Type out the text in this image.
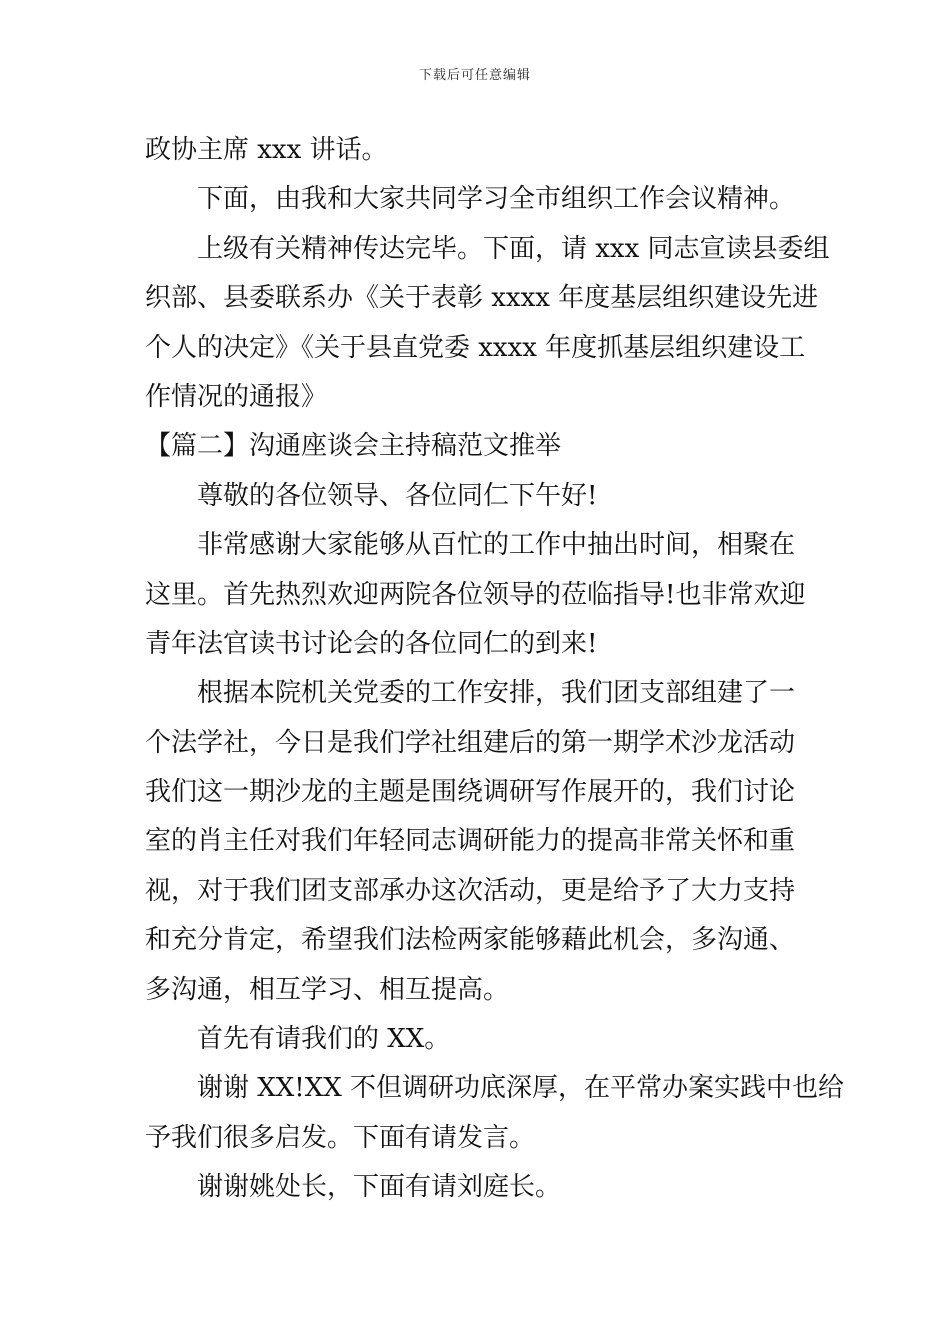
下载后可任意编辑
政协主席 xxx 讲话。
下面，由我和大家共同学习全市组织工作会议精神。
上级有关精神传达完毕。下面，请 xxx 同志宣读县委组
织部、县委联系办《关于表彰 xxxx 年度基层组织建设先进
个人的决定》《关于县直党委 xxxx 年度抓基层组织建设工
作情况的通报》
【篇二】沟通座谈会主持稿范文推举
尊敬的各位领导、各位同仁下午好!
非常感谢大家能够从百忙的工作中抽出时间，相聚在
这里。首先热烈欢迎两院各位领导的莅临指导!也非常欢迎
青年法官读书讨论会的各位同仁的到来!
根据本院机关党委的工作安排，我们团支部组建了一
个法学社，今日是我们学社组建后的第一期学术沙龙活动
我们这一期沙龙的主题是围绕调研写作展开的，我们讨论
室的肖主任对我们年轻同志调研能力的提高非常关怀和重
视，对于我们团支部承办这次活动，更是给予了大力支持
和充分肯定，希望我们法检两家能够藉此机会，多沟通、
多沟通，相互学习、相互提高。
首先有请我们的 XX。
谢谢 XX!XX 不但调研功底深厚，在平常办案实践中也给
予我们很多启发。下面有请发言。
谢谢姚处长，下面有请刘庭长。
